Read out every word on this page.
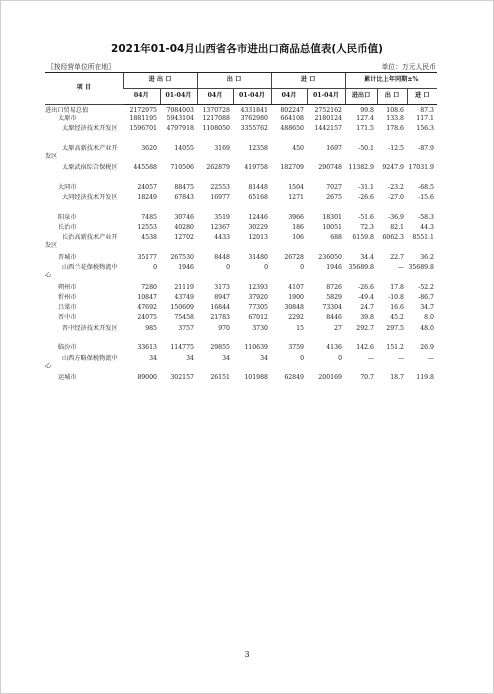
2021年01-04月山西省各市进出口商品总值表(人民币值)
〖按经营单位所在地〗	单位：万元人民币
项 目	进 出 口		出 口		进 口		累计比上年同期±%		
	04月	01-04月	04月	01-04月	04月	01-04月	进出口	出 口	进 口
进出口贸易总值	2172975	7084003	1370728	4331841	802247	2752162	99.8	108.6	87.3
太原市	1881195	5943104	1217088	3762980	664108	2180124	127.4	133.8	117.1
太原经济技术开发区	1596701	4797918	1108050	3355762	488650	1442157	171.5	178.6	156.3
太原高新技术产业开发区	3620	14055	3169	12358	450	1697	-50.1	-12.5	-87.9
太原武宿综合保税区	445588	710506	262879	419758	182709	290748	11382.9	9247.9	17031.9
大同市	24057	88475	22553	81448	1504	7027	-31.1	-23.2	-68.5
大同经济技术开发区	18249	67843	16977	65168	1271	2675	-26.6	-27.0	-15.6
阳泉市	7485	30746	3519	12446	3966	18301	-51.6	-36.9	-58.3
长治市	12553	40280	12367	30229	186	10051	72.3	82.1	44.3
长治高新技术产业开发区	4538	12702	4433	12013	106	688	6159.8	6062.3	8551.1
晋城市	35177	267530	8448	31480	26728	236050	34.4	22.7	36.2
山西兰花保税物流中心	0	1946	0	0	0	1946	35689.8	—	35689.8
朔州市	7280	21119	3173	12393	4107	8726	-26.6	17.8	-52.2
忻州市	10847	43749	8947	37920	1900	5829	-49.4	-10.8	-86.7
吕梁市	47692	150609	16844	77305	30848	73304	24.7	16.6	34.7
晋中市	24075	75458	21783	67012	2292	8446	39.8	45.2	8.0
晋中经济技术开发区	985	3757	970	3730	15	27	292.7	297.5	48.0
临汾市	33613	114775	29855	110639	3759	4136	142.6	151.2	26.9
山西方略保税物流中心	34	34	34	34	0	0	—	—	—
运城市	89000	302157	26151	101988	62849	200169	70.7	18.7	119.8
3
